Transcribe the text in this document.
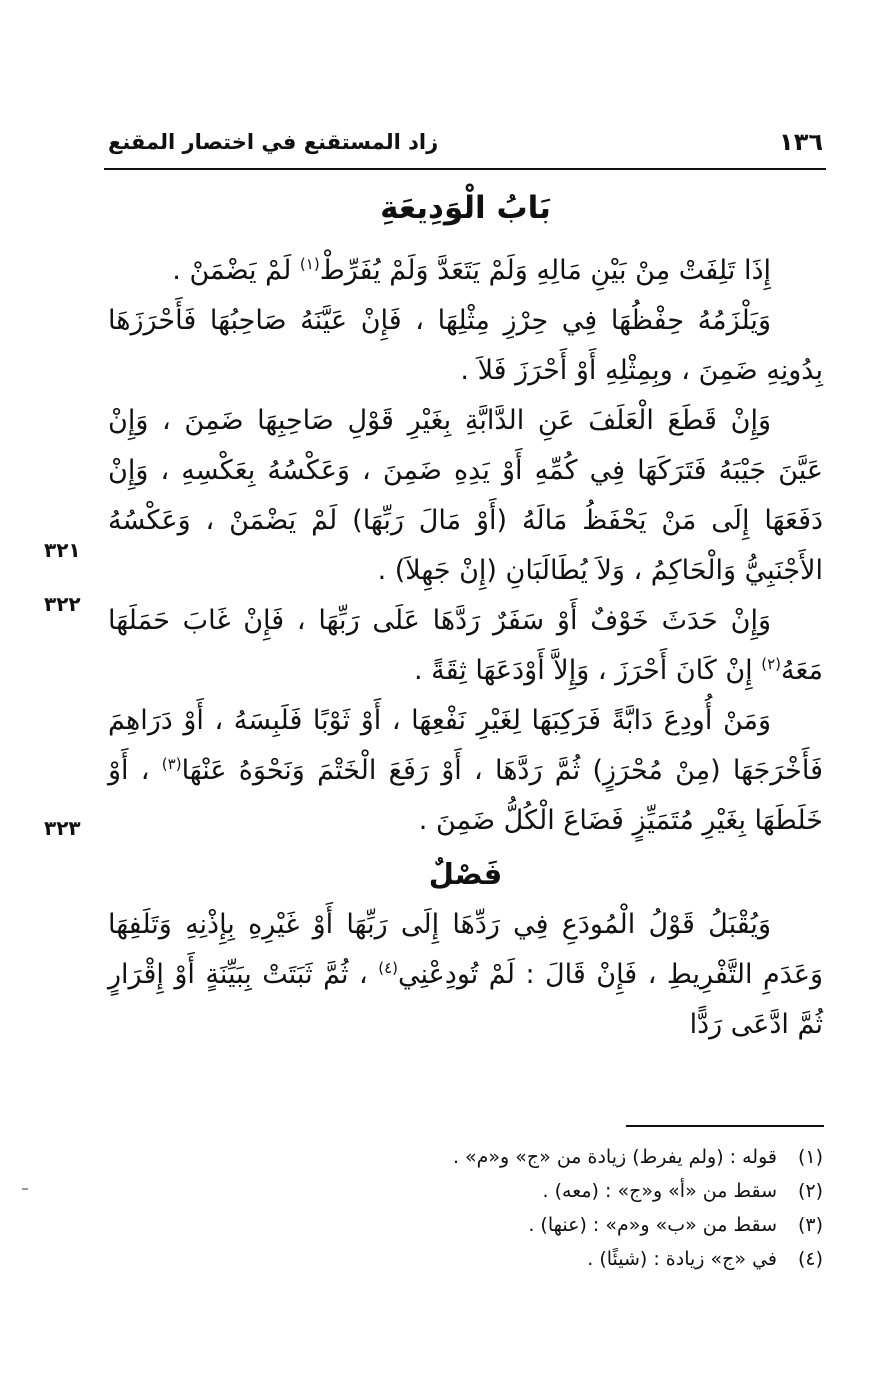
١٣٦
زاد المستقنع في اختصار المقنع
بَابُ الْوَدِيعَةِ
٣٢١
٣٢٢
٣٢٣

إِذَا تَلِفَتْ مِنْ بَيْنِ مَالِهِ وَلَمْ يَتَعَدَّ وَلَمْ يُفَرِّطْ$^{(١)}$ لَمْ يَضْمَنْ .

وَيَلْزَمُهُ حِفْظُهَا فِي حِرْزِ مِثْلِهَا ، فَإِنْ عَيَّنَهُ صَاحِبُهَا فَأَحْرَزَهَا بِدُونِهِ ضَمِنَ ، وبِمِثْلِهِ أَوْ أَحْرَزَ فَلاَ .

وَإِنْ قَطَعَ الْعَلَفَ عَنِ الدَّابَّةِ بِغَيْرِ قَوْلِ صَاحِبِهَا ضَمِنَ ، وَإِنْ عَيَّنَ جَيْبَهُ فَتَرَكَهَا فِي كُمِّهِ أَوْ يَدِهِ ضَمِنَ ، وَعَكْسُهُ بِعَكْسِهِ ، وَإِنْ دَفَعَهَا إِلَى مَنْ يَحْفَظُ مَالَهُ (أَوْ مَالَ رَبِّهَا) لَمْ يَضْمَنْ ، وَعَكْسُهُ الأَجْنَبِيُّ وَالْحَاكِمُ ، وَلاَ يُطَالَبَانِ (إِنْ جَهِلاَ) .

وَإِنْ حَدَثَ خَوْفٌ أَوْ سَفَرٌ رَدَّهَا عَلَى رَبِّهَا ، فَإِنْ غَابَ حَمَلَهَا مَعَهُ$^{(٢)}$ إِنْ كَانَ أَحْرَزَ ، وَإِلاَّ أَوْدَعَهَا ثِقَةً .

وَمَنْ أُودِعَ دَابَّةً فَرَكِبَهَا لِغَيْرِ نَفْعِهَا ، أَوْ ثَوْبًا فَلَبِسَهُ ، أَوْ دَرَاهِمَ فَأَخْرَجَهَا (مِنْ مُحْرَزٍ) ثُمَّ رَدَّهَا ، أَوْ رَفَعَ الْخَتْمَ وَنَحْوَهُ عَنْهَا$^{(٣)}$ ، أَوْ خَلَطَهَا بِغَيْرِ مُتَمَيِّزٍ فَضَاعَ الْكُلُّ ضَمِنَ .

فَصْلٌ

وَيُقْبَلُ قَوْلُ الْمُودَعِ فِي رَدِّهَا إِلَى رَبِّهَا أَوْ غَيْرِهِ بِإِذْنِهِ وَتَلَفِهَا وَعَدَمِ التَّفْرِيطِ ، فَإِنْ قَالَ : لَمْ تُودِعْنِي$^{(٤)}$ ، ثُمَّ ثَبَتَتْ بِبَيِّنَةٍ أَوْ إِقْرَارٍ ثُمَّ ادَّعَى رَدًّا

(١)قوله : (ولم يفرط) زيادة من «ج» و«م» .
(٢)سقط من «أ» و«ج» : (معه) .
(٣)سقط من «ب» و«م» : (عنها) .
(٤)في «ج» زيادة : (شيئًا) .
